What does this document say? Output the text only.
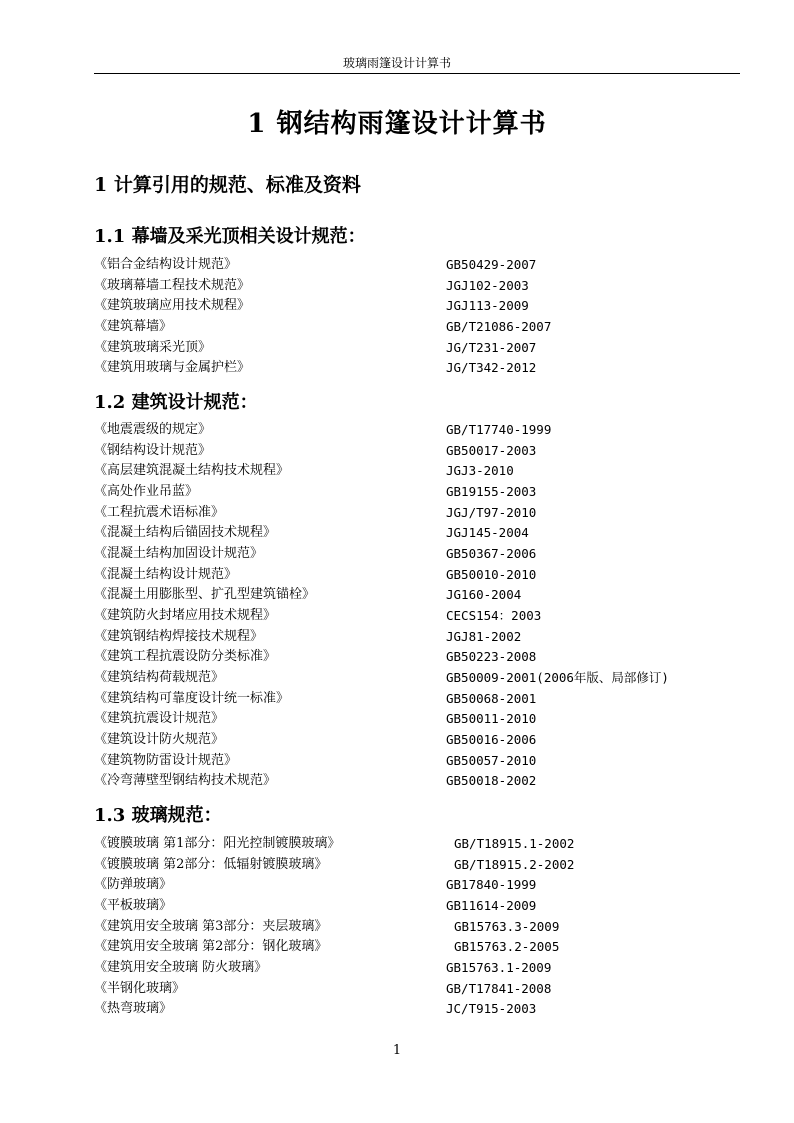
玻璃雨篷设计计算书
1 钢结构雨篷设计计算书
1 计算引用的规范、标准及资料
1.1 幕墙及采光顶相关设计规范：
《铝合金结构设计规范》	GB50429-2007
《玻璃幕墙工程技术规范》	JGJ102-2003
《建筑玻璃应用技术规程》	JGJ113-2009
《建筑幕墙》	GB/T21086-2007
《建筑玻璃采光顶》	JG/T231-2007
《建筑用玻璃与金属护栏》	JG/T342-2012
1.2 建筑设计规范：
《地震震级的规定》	GB/T17740-1999
《钢结构设计规范》	GB50017-2003
《高层建筑混凝土结构技术规程》	JGJ3-2010
《高处作业吊蓝》	GB19155-2003
《工程抗震术语标准》	JGJ/T97-2010
《混凝土结构后锚固技术规程》	JGJ145-2004
《混凝土结构加固设计规范》	GB50367-2006
《混凝土结构设计规范》	GB50010-2010
《混凝土用膨胀型、扩孔型建筑锚栓》	JG160-2004
《建筑防火封堵应用技术规程》	CECS154：2003
《建筑钢结构焊接技术规程》	JGJ81-2002
《建筑工程抗震设防分类标准》	GB50223-2008
《建筑结构荷载规范》	GB50009-2001(2006年版、局部修订)
《建筑结构可靠度设计统一标准》	GB50068-2001
《建筑抗震设计规范》	GB50011-2010
《建筑设计防火规范》	GB50016-2006
《建筑物防雷设计规范》	GB50057-2010
《冷弯薄壁型钢结构技术规范》	GB50018-2002
1.3 玻璃规范：
《镀膜玻璃 第1部分：阳光控制镀膜玻璃》	GB/T18915.1-2002
《镀膜玻璃 第2部分：低辐射镀膜玻璃》	GB/T18915.2-2002
《防弹玻璃》	GB17840-1999
《平板玻璃》	GB11614-2009
《建筑用安全玻璃 第3部分：夹层玻璃》	GB15763.3-2009
《建筑用安全玻璃 第2部分：钢化玻璃》	GB15763.2-2005
《建筑用安全玻璃 防火玻璃》	GB15763.1-2009
《半钢化玻璃》	GB/T17841-2008
《热弯玻璃》	JC/T915-2003
1
